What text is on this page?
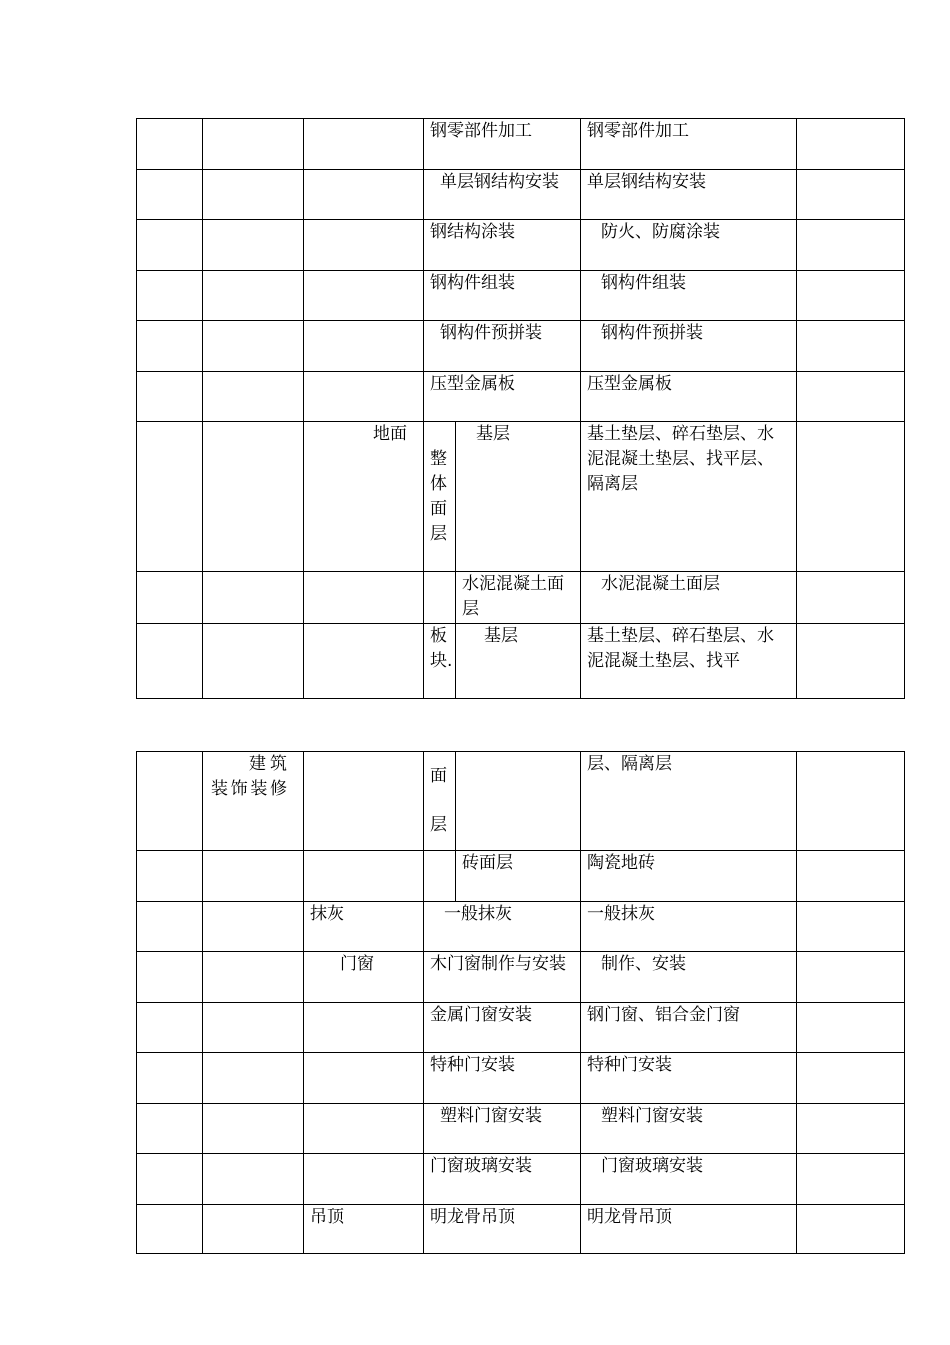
			钢零部件加工		钢零部件加工	
			单层钢结构安装		单层钢结构安装	
			钢结构涂装		防火、防腐涂装	
			钢构件组装		钢构件组装	
			钢构件预拼装		钢构件预拼装	
			压型金属板		压型金属板	
		地面	整体面层	基层	基土垫层、碎石垫层、水泥混凝土垫层、找平层、隔离层	
				水泥混凝土面层	水泥混凝土面层	

			板块.	基层	基土垫层、碎石垫层、水泥混凝土垫层、找平	

	建筑装饰装修		面层		层、隔离层	
				砖面层	陶瓷地砖	
		抹灰	一般抹灰		一般抹灰	
		门窗	木门窗制作与安装		制作、安装	
			金属门窗安装		钢门窗、铝合金门窗	
			特种门安装		特种门安装	
			塑料门窗安装		塑料门窗安装	
			门窗玻璃安装		门窗玻璃安装	
		吊顶	明龙骨吊顶		明龙骨吊顶	
